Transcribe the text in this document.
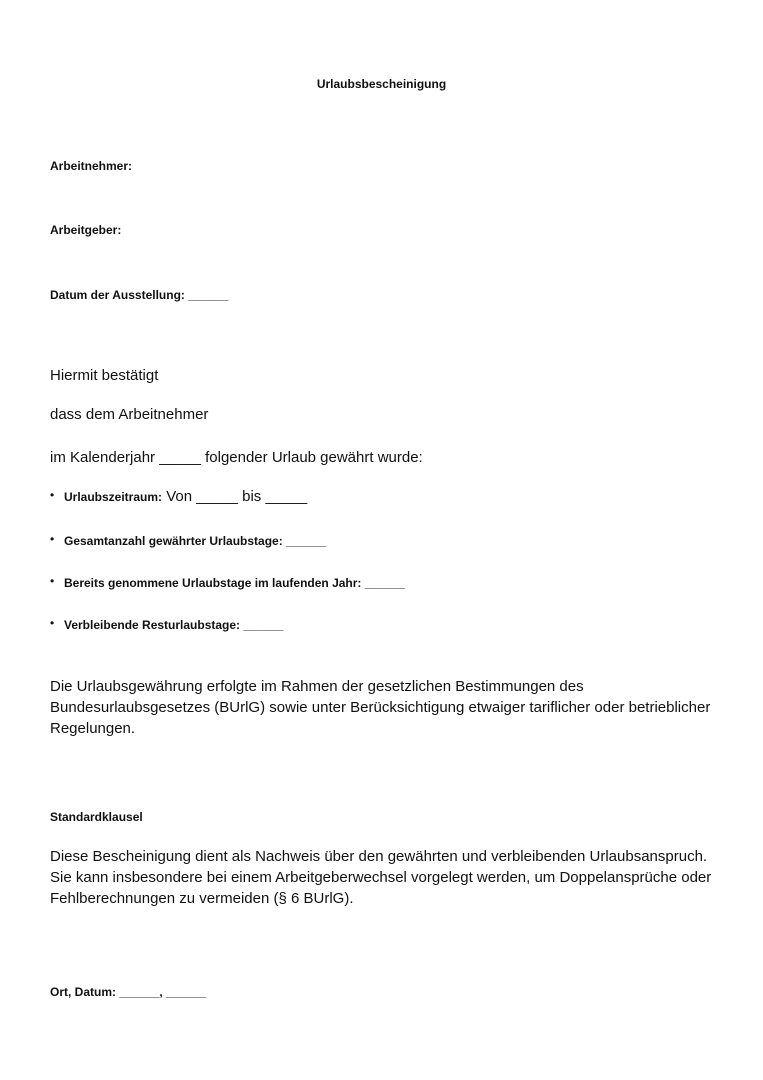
Urlaubsbescheinigung
Arbeitnehmer:
Arbeitgeber:
Datum der Ausstellung: ______
Hiermit bestätigt
dass dem Arbeitnehmer
im Kalenderjahr _____ folgender Urlaub gewährt wurde:
• Urlaubszeitraum: Von _____ bis _____
• Gesamtanzahl gewährter Urlaubstage: ______
• Bereits genommene Urlaubstage im laufenden Jahr: ______
• Verbleibende Resturlaubstage: ______

Die Urlaubsgewährung erfolgte im Rahmen der gesetzlichen Bestimmungen des Bundesurlaubsgesetzes (BUrlG) sowie unter Berücksichtigung etwaiger tariflicher oder betrieblicher Regelungen.

Standardklausel

Diese Bescheinigung dient als Nachweis über den gewährten und verbleibenden Urlaubsanspruch. Sie kann insbesondere bei einem Arbeitgeberwechsel vorgelegt werden, um Doppelansprüche oder Fehlberechnungen zu vermeiden (§ 6 BUrlG).

Ort, Datum: ______, ______
